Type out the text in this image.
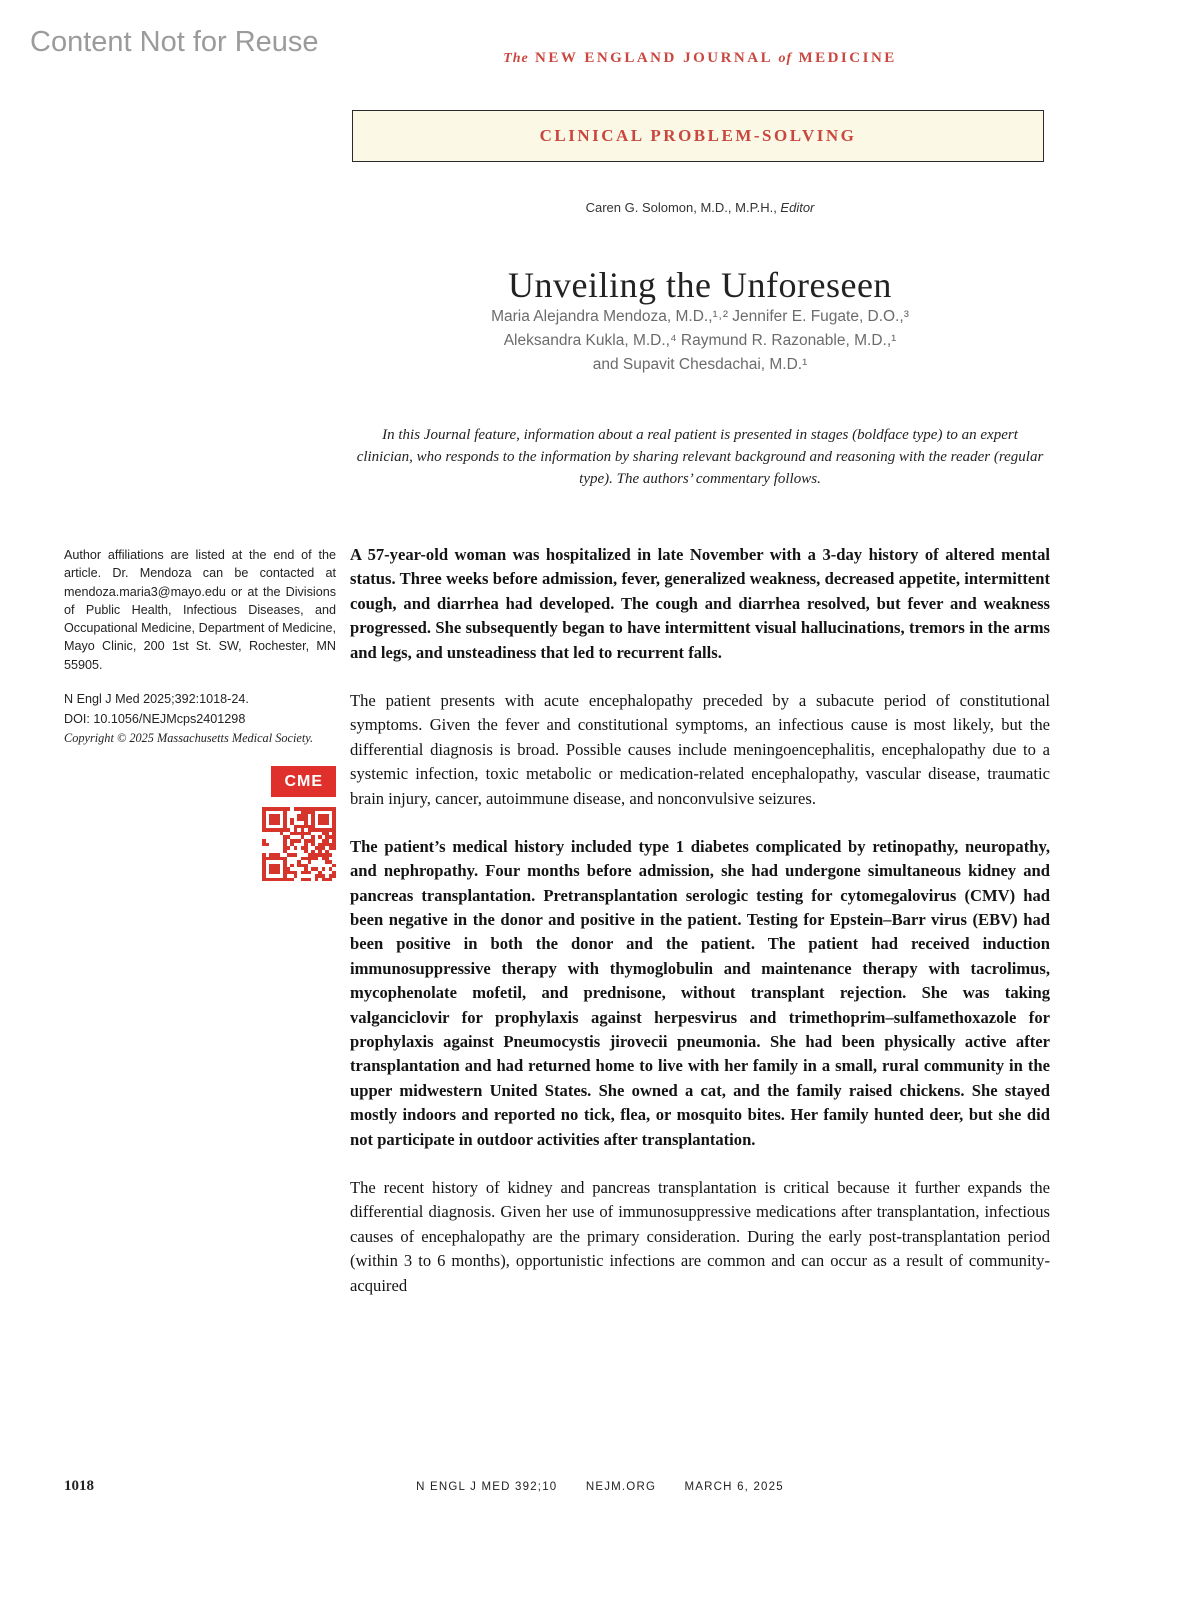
Content Not for Reuse
The NEW ENGLAND JOURNAL of MEDICINE
CLINICAL PROBLEM-SOLVING
Caren G. Solomon, M.D., M.P.H., Editor
Unveiling the Unforeseen
Maria Alejandra Mendoza, M.D.,¹˒² Jennifer E. Fugate, D.O.,³
Aleksandra Kukla, M.D.,⁴ Raymund R. Razonable, M.D.,¹
and Supavit Chesdachai, M.D.¹
In this Journal feature, information about a real patient is presented in stages (boldface type) to an expert clinician, who responds to the information by sharing relevant background and reasoning with the reader (regular type). The authors’ commentary follows.
Author affiliations are listed at the end of the article. Dr. Mendoza can be contacted at mendoza.maria3@mayo.edu or at the Divisions of Public Health, Infectious Diseases, and Occupational Medicine, Department of Medicine, Mayo Clinic, 200 1st St. SW, Rochester, MN 55905.
N Engl J Med 2025;392:1018-24.
DOI: 10.1056/NEJMcps2401298
Copyright © 2025 Massachusetts Medical Society.
CME

A 57-year-old woman was hospitalized in late November with a 3-day history of altered mental status. Three weeks before admission, fever, generalized weakness, decreased appetite, intermittent cough, and diarrhea had developed. The cough and diarrhea resolved, but fever and weakness progressed. She subsequently began to have intermittent visual hallucinations, tremors in the arms and legs, and unsteadiness that led to recurrent falls.

The patient presents with acute encephalopathy preceded by a subacute period of constitutional symptoms. Given the fever and constitutional symptoms, an infectious cause is most likely, but the differential diagnosis is broad. Possible causes include meningoencephalitis, encephalopathy due to a systemic infection, toxic metabolic or medication-related encephalopathy, vascular disease, traumatic brain injury, cancer, autoimmune disease, and nonconvulsive seizures.

The patient’s medical history included type 1 diabetes complicated by retinopathy, neuropathy, and nephropathy. Four months before admission, she had undergone simultaneous kidney and pancreas transplantation. Pretransplantation serologic testing for cytomegalovirus (CMV) had been negative in the donor and positive in the patient. Testing for Epstein–Barr virus (EBV) had been positive in both the donor and the patient. The patient had received induction immunosuppressive therapy with thymoglobulin and maintenance therapy with tacrolimus, mycophenolate mofetil, and prednisone, without transplant rejection. She was taking valganciclovir for prophylaxis against herpesvirus and trimethoprim–sulfamethoxazole for prophylaxis against Pneumocystis jirovecii pneumonia. She had been physically active after transplantation and had returned home to live with her family in a small, rural community in the upper midwestern United States. She owned a cat, and the family raised chickens. She stayed mostly indoors and reported no tick, flea, or mosquito bites. Her family hunted deer, but she did not participate in outdoor activities after transplantation.

The recent history of kidney and pancreas transplantation is critical because it further expands the differential diagnosis. Given her use of immunosuppressive medications after transplantation, infectious causes of encephalopathy are the primary consideration. During the early post-transplantation period (within 3 to 6 months), opportunistic infections are common and can occur as a result of community-acquired

1018	N ENGL J MED 392;10 NEJM.ORG MARCH 6, 2025
